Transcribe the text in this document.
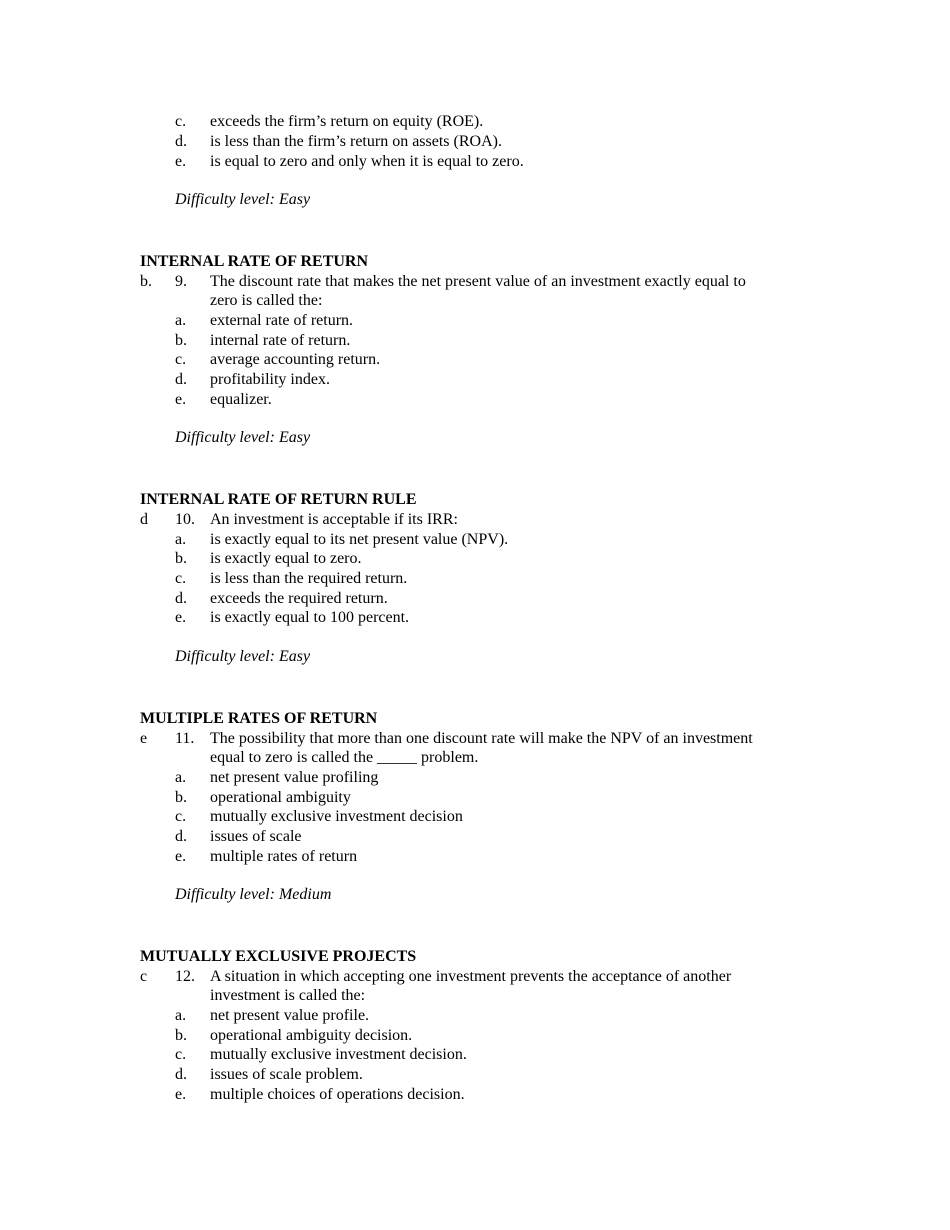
c. exceeds the firm’s return on equity (ROE).
d. is less than the firm’s return on assets (ROA).
e. is equal to zero and only when it is equal to zero.
Difficulty level: Easy
INTERNAL RATE OF RETURN
b. 9. The discount rate that makes the net present value of an investment exactly equal to
zero is called the:
a. external rate of return.
b. internal rate of return.
c. average accounting return.
d. profitability index.
e. equalizer.
Difficulty level: Easy
INTERNAL RATE OF RETURN RULE
d 10. An investment is acceptable if its IRR:
a. is exactly equal to its net present value (NPV).
b. is exactly equal to zero.
c. is less than the required return.
d. exceeds the required return.
e. is exactly equal to 100 percent.
Difficulty level: Easy
MULTIPLE RATES OF RETURN
e 11. The possibility that more than one discount rate will make the NPV of an investment
equal to zero is called the _____ problem.
a. net present value profiling
b. operational ambiguity
c. mutually exclusive investment decision
d. issues of scale
e. multiple rates of return
Difficulty level: Medium
MUTUALLY EXCLUSIVE PROJECTS
c 12. A situation in which accepting one investment prevents the acceptance of another
investment is called the:
a. net present value profile.
b. operational ambiguity decision.
c. mutually exclusive investment decision.
d. issues of scale problem.
e. multiple choices of operations decision.
